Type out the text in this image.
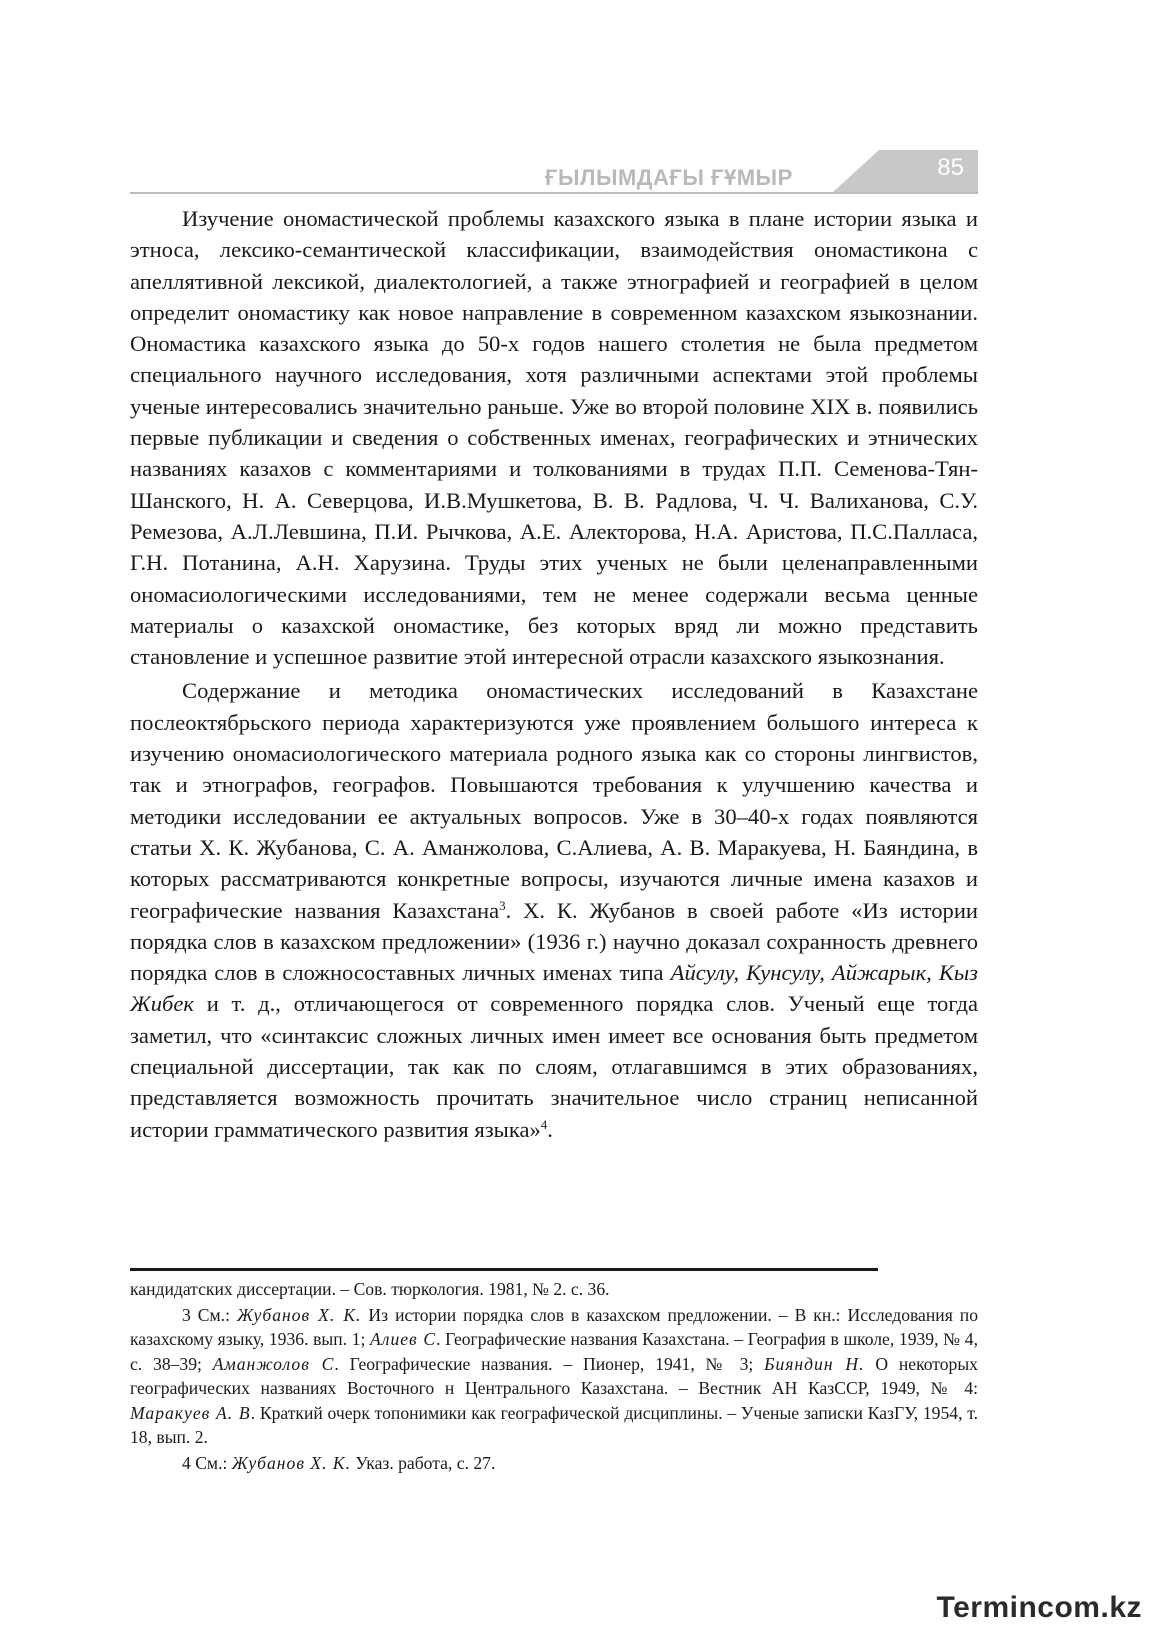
ҒЫЛЫМДАҒЫ ҒҰМЫР	85

Изучение ономастической проблемы казахского языка в плане истории языка и этноса, лексико-семантической классификации, взаимодействия ономастикона с апеллятивной лексикой, диалектологией, а также этнографией и географией в целом определит ономастику как новое направление в современном казахском языкознании. Ономастика казахского языка до 50-х годов нашего столетия не была предметом специального научного исследования, хотя различными аспектами этой проблемы ученые интересовались значительно раньше. Уже во второй половине XIX в. появились первые публикации и сведения о собственных именах, географических и этнических названиях казахов с комментариями и толкованиями в трудах П.П. Семенова-Тян-Шанского, Н. А. Северцова, И.В.Мушкетова, В. В. Радлова, Ч. Ч. Валиханова, С.У. Ремезова, А.Л.Левшина, П.И. Рычкова, А.Е. Алекторова, Н.А. Аристова, П.С.Палласа, Г.Н. Потанина, А.Н. Харузина. Труды этих ученых не были целенаправленными ономасиологическими исследованиями, тем не менее содержали весьма ценные материалы о казахской ономастике, без которых вряд ли можно представить становление и успешное развитие этой интересной отрасли казахского языкознания.

Содержание и методика ономастических исследований в Казахстане послеоктябрьского периода характеризуются уже проявлением большого интереса к изучению ономасиологического материала родного языка как со стороны лингвистов, так и этнографов, географов. Повышаются требования к улучшению качества и методики исследовании ее актуальных вопросов. Уже в 30–40-х годах появляются статьи Х. К. Жубанова, С. А. Аманжолова, С.Алиева, А. В. Маракуева, Н. Баяндина, в которых рассматриваются конкретные вопросы, изучаются личные имена казахов и географические названия Казахстана$^3$. Х. К. Жубанов в своей работе «Из истории порядка слов в казахском предложении» (1936 г.) научно доказал сохранность древнего порядка слов в сложносоставных личных именах типа Айсулу, Кунсулу, Айжарык, Кыз Жибек и т. д., отличающегося от современного порядка слов. Ученый еще тогда заметил, что «синтаксис сложных личных имен имеет все основания быть предметом специальной диссертации, так как по слоям, отлагавшимся в этих образованиях, представляется возможность прочитать значительное число страниц неписанной истории грамматического развития языка»$^4$.

кандидатских диссертации. – Сов. тюркология. 1981, № 2. с. 36.

3 См.: Жубанов Х. К. Из истории порядка слов в казахском предложении. – В кн.: Исследования по казахскому языку, 1936. вып. 1; Алиев С. Географические названия Казахстана. – География в школе, 1939, № 4, с. 38–39; Аманжолов С. Географические названия. – Пионер, 1941, № 3; Бияндин Н. О некоторых географических названиях Восточного н Центрального Казахстана. – Вестник АН КазССР, 1949, № 4: Маракуев А. В. Краткий очерк топонимики как географической дисциплины. – Ученые записки КазГУ, 1954, т. 18, вып. 2.

4 См.: Жубанов Х. К. Указ. работа, с. 27.

Termincom.kz
